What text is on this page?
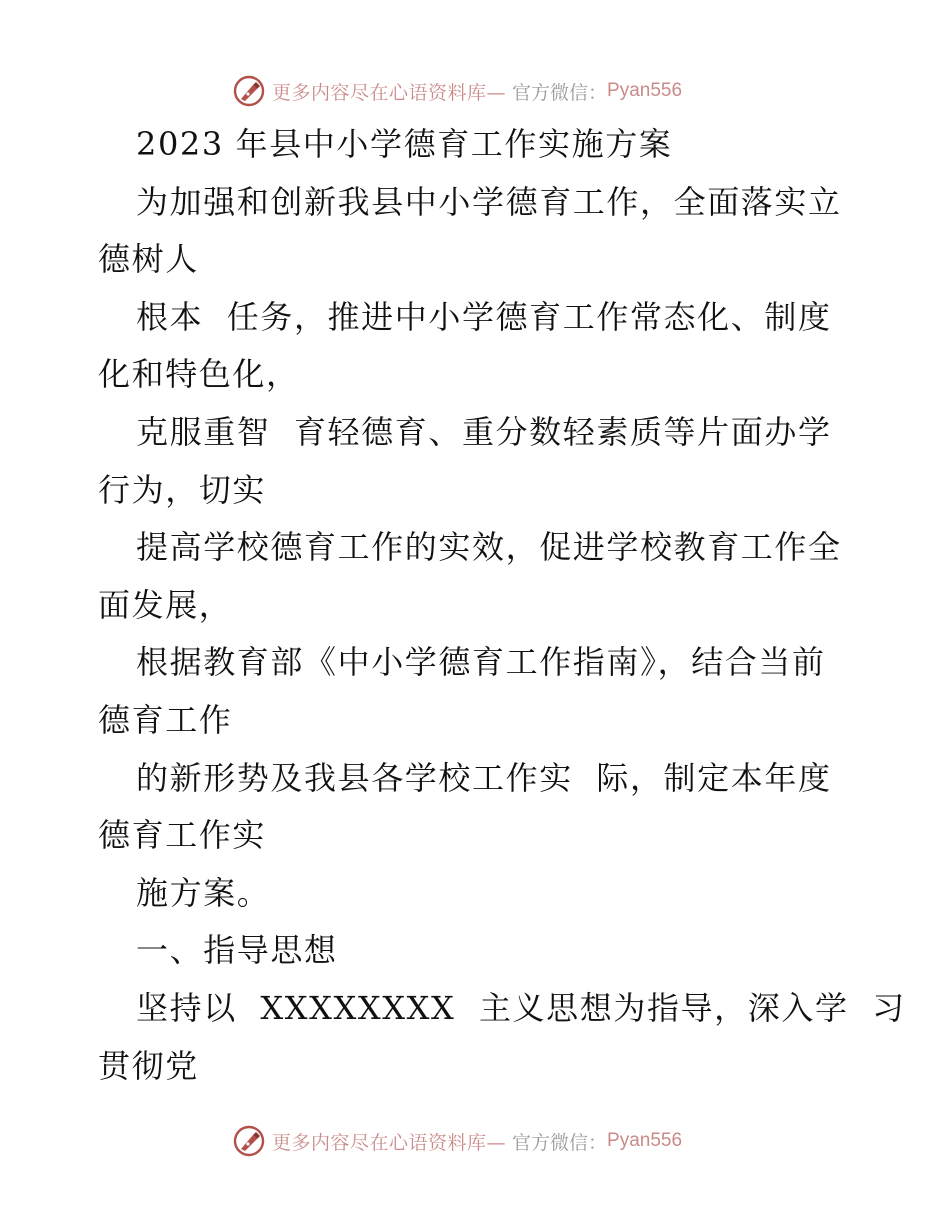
更多内容尽在心语资料库— 官方微信： Pyan556
2023 年县中小学德育工作实施方案
为加强和创新我县中小学德育工作，全面落实立
德树人
根本  任务，推进中小学德育工作常态化、制度
化和特色化，
克服重智  育轻德育、重分数轻素质等片面办学
行为，切实
提高学校德育工作的实效，促进学校教育工作全
面发展，
根据教育部《中小学德育工作指南》，结合当前
德育工作
的新形势及我县各学校工作实  际，制定本年度
德育工作实
施方案。
一、指导思想
坚持以  XXXXXXXX  主义思想为指导，深入学  习
贯彻党
更多内容尽在心语资料库— 官方微信： Pyan556
